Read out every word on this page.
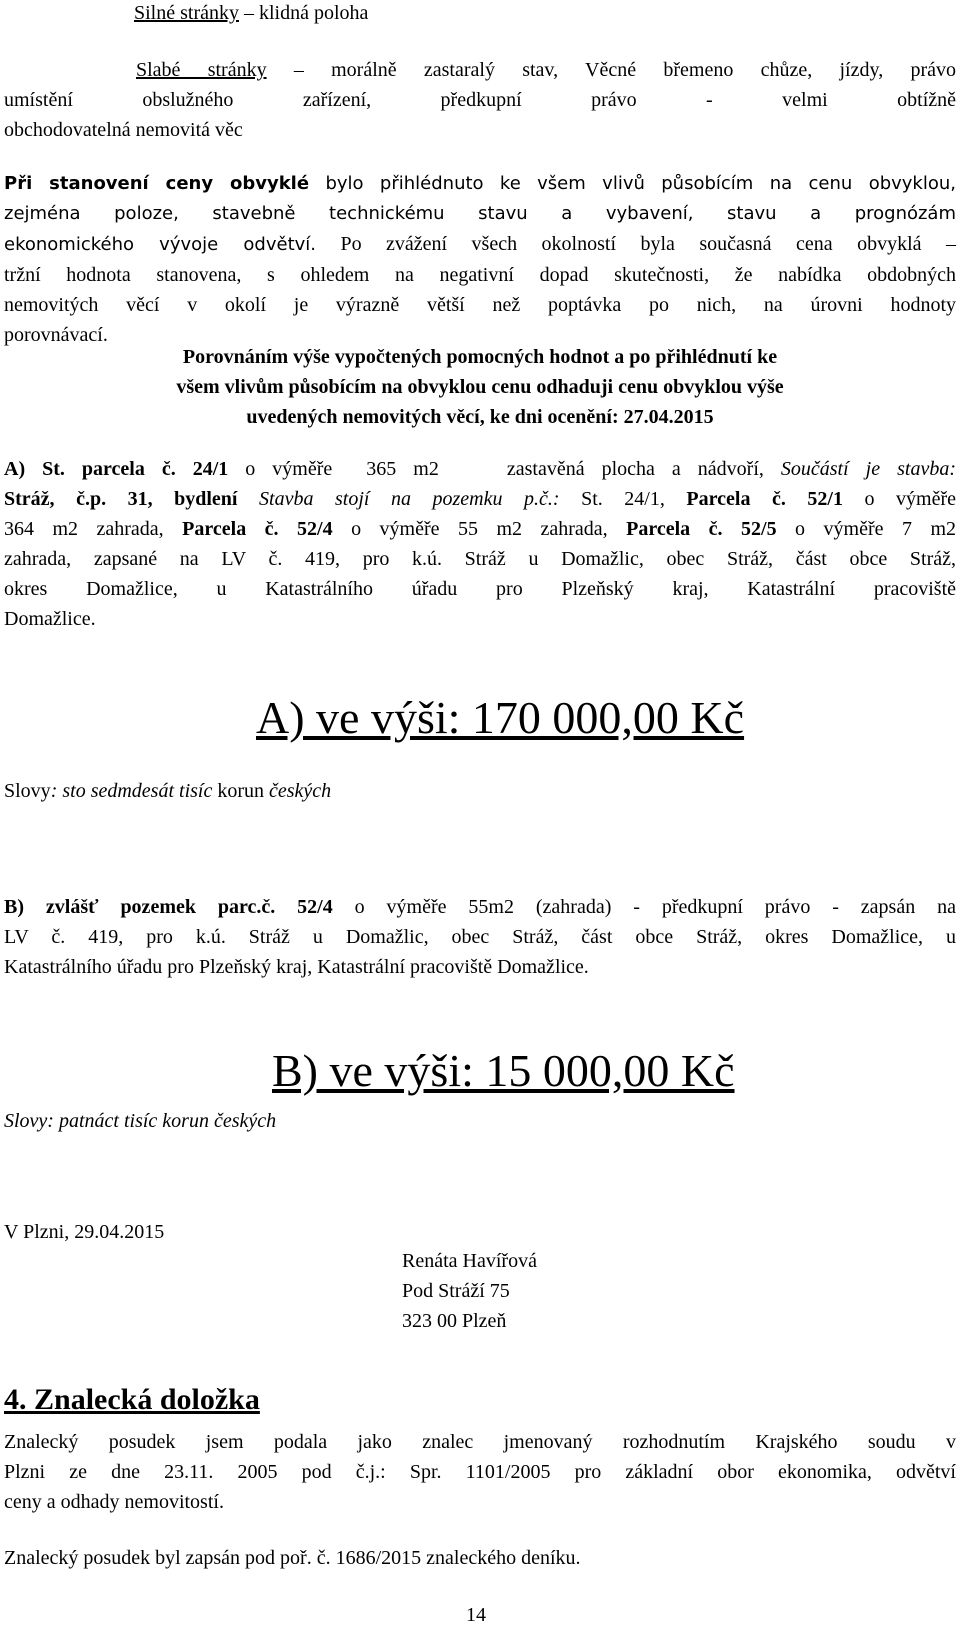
Silné stránky – klidná poloha
Slabé stránky – morálně zastaralý stav, Věcné břemeno chůze, jízdy, právo
umístění obslužného zařízení, předkupní právo - velmi obtížně
obchodovatelná nemovitá věc
Při stanovení ceny obvyklé bylo přihlédnuto ke všem vlivů působícím na cenu obvyklou,
zejména poloze, stavebně technickému stavu a vybavení, stavu a prognózám
ekonomického vývoje odvětví. Po zvážení všech okolností byla současná cena obvyklá –
tržní hodnota stanovena, s ohledem na negativní dopad skutečnosti, že nabídka obdobných
nemovitých věcí v okolí je výrazně větší než poptávka po nich, na úrovni hodnoty
porovnávací.
Porovnáním výše vypočtených pomocných hodnot a po přihlédnutí ke
všem vlivům působícím na obvyklou cenu odhaduji cenu obvyklou výše
uvedených nemovitých věcí, ke dni ocenění: 27.04.2015
A) St. parcela č. 24/1 o výměře  365 m2    zastavěná plocha a nádvoří, Součástí je stavba:
Stráž, č.p. 31, bydlení Stavba stojí na pozemku p.č.: St. 24/1, Parcela č. 52/1 o výměře
364 m2 zahrada, Parcela č. 52/4 o výměře 55 m2 zahrada, Parcela č. 52/5 o výměře 7 m2
zahrada, zapsané na LV č. 419, pro k.ú. Stráž u Domažlic, obec Stráž, část obce Stráž,
okres Domažlice, u Katastrálního úřadu pro Plzeňský kraj, Katastrální pracoviště
Domažlice.
A) ve výši: 170 000,00 Kč
Slovy: sto sedmdesát tisíc korun českých
B) zvlášť pozemek parc.č. 52/4 o výměře 55m2 (zahrada) - předkupní právo - zapsán na
LV č. 419, pro k.ú. Stráž u Domažlic, obec Stráž, část obce Stráž, okres Domažlice, u
Katastrálního úřadu pro Plzeňský kraj, Katastrální pracoviště Domažlice.
B) ve výši: 15 000,00 Kč
Slovy: patnáct tisíc korun českých
V Plzni, 29.04.2015
Renáta Havířová
Pod Stráží 75
323 00 Plzeň
4. Znalecká doložka
Znalecký posudek jsem podala jako znalec jmenovaný rozhodnutím Krajského soudu v
Plzni ze dne 23.11. 2005 pod č.j.: Spr. 1101/2005 pro základní obor ekonomika, odvětví
ceny a odhady nemovitostí.
Znalecký posudek byl zapsán pod poř. č. 1686/2015 znaleckého deníku.
14
